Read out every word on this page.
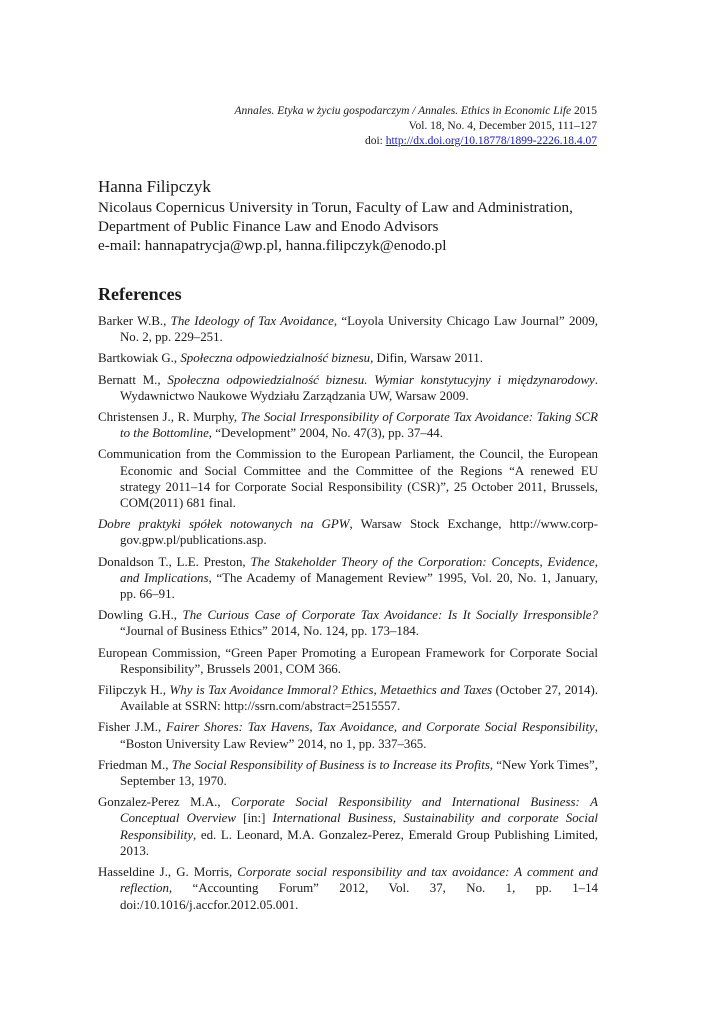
Annales. Etyka w życiu gospodarczym / Annales. Ethics in Economic Life 2015
Vol. 18, No. 4, December 2015, 111–127
doi: http://dx.doi.org/10.18778/1899-2226.18.4.07
Hanna Filipczyk
Nicolaus Copernicus University in Torun, Faculty of Law and Administration,
Department of Public Finance Law and Enodo Advisors
e-mail: hannapatrycja@wp.pl, hanna.filipczyk@enodo.pl
References
Barker W.B., The Ideology of Tax Avoidance, “Loyola University Chicago Law Journal” 2009, No. 2, pp. 229–251.
Bartkowiak G., Społeczna odpowiedzialność biznesu, Difin, Warsaw 2011.
Bernatt M., Społeczna odpowiedzialność biznesu. Wymiar konstytucyjny i międzynarodowy. Wydawnictwo Naukowe Wydziału Zarządzania UW, Warsaw 2009.
Christensen J., R. Murphy, The Social Irresponsibility of Corporate Tax Avoidance: Taking SCR to the Bottomline, “Development” 2004, No. 47(3), pp. 37–44.
Communication from the Commission to the European Parliament, the Council, the European Economic and Social Committee and the Committee of the Regions “A renewed EU strategy 2011–14 for Corporate Social Responsibility (CSR)”, 25 October 2011, Brussels, COM(2011) 681 final.
Dobre praktyki spółek notowanych na GPW, Warsaw Stock Exchange, http://www.corp-gov.gpw.pl/publications.asp.
Donaldson T., L.E. Preston, The Stakeholder Theory of the Corporation: Concepts, Evidence, and Implications, “The Academy of Management Review” 1995, Vol. 20, No. 1, January, pp. 66–91.
Dowling G.H., The Curious Case of Corporate Tax Avoidance: Is It Socially Irresponsible? “Journal of Business Ethics” 2014, No. 124, pp. 173–184.
European Commission, “Green Paper Promoting a European Framework for Corporate Social Responsibility”, Brussels 2001, COM 366.
Filipczyk H., Why is Tax Avoidance Immoral? Ethics, Metaethics and Taxes (October 27, 2014). Available at SSRN: http://ssrn.com/abstract=2515557.
Fisher J.M., Fairer Shores: Tax Havens, Tax Avoidance, and Corporate Social Responsibility, “Boston University Law Review” 2014, no 1, pp. 337–365.
Friedman M., The Social Responsibility of Business is to Increase its Profits, “New York Times”, September 13, 1970.
Gonzalez-Perez M.A., Corporate Social Responsibility and International Business: A Conceptual Overview [in:] International Business, Sustainability and corporate Social Responsibility, ed. L. Leonard, M.A. Gonzalez-Perez, Emerald Group Publishing Limited, 2013.
Hasseldine J., G. Morris, Corporate social responsibility and tax avoidance: A comment and reflection, “Accounting Forum” 2012, Vol. 37, No. 1, pp. 1–14 doi:/10.1016/j.accfor.2012.05.001.
